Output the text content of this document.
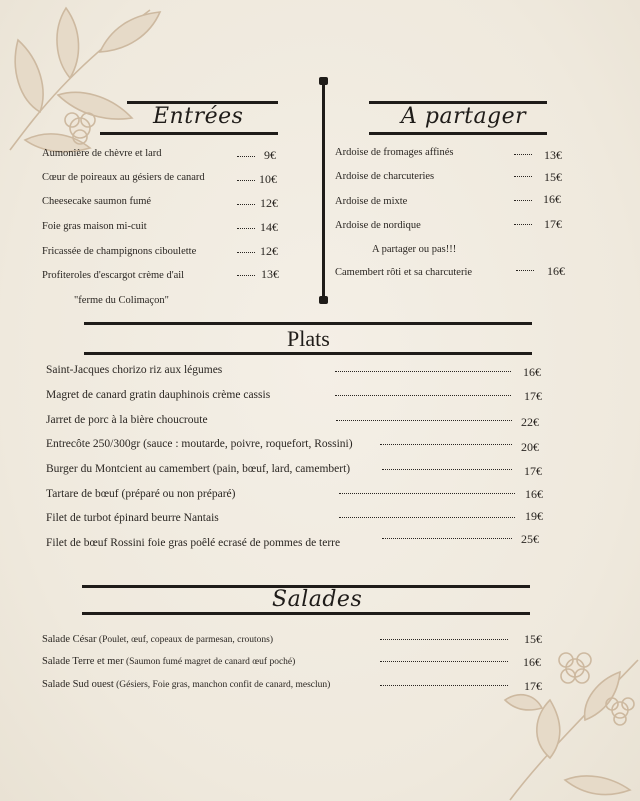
Entrées
Aumonière de chèvre et lard	9€
Cœur de poireaux au gésiers de canard	10€
Cheesecake saumon fumé	12€
Foie gras maison mi-cuit	14€
Fricassée de champignons ciboulette	12€
Profiteroles d'escargot crème d'ail	13€
"ferme du Colimaçon"
A partager
Ardoise de fromages affinés	13€
Ardoise de charcuteries	15€
Ardoise de mixte	16€
Ardoise de nordique	17€
A partager ou pas!!!
Camembert rôti et sa charcuterie	16€
Plats
Saint-Jacques chorizo riz aux légumes	16€
Magret de canard gratin dauphinois crème cassis	17€
Jarret de porc à la bière choucroute	22€
Entrecôte 250/300gr (sauce : moutarde, poivre, roquefort, Rossini)	20€
Burger du Montcient au camembert (pain, bœuf, lard, camembert)	17€
Tartare de bœuf (préparé ou non préparé)	16€
Filet de turbot épinard beurre Nantais	19€
Filet de bœuf Rossini foie gras poêlé ecrasé de pommes de terre	25€
Salades
Salade César (Poulet, œuf, copeaux de parmesan, croutons)	15€
Salade Terre et mer (Saumon fumé magret de canard œuf poché)	16€
Salade Sud ouest (Gésiers, Foie gras, manchon confit de canard, mesclun)	17€
